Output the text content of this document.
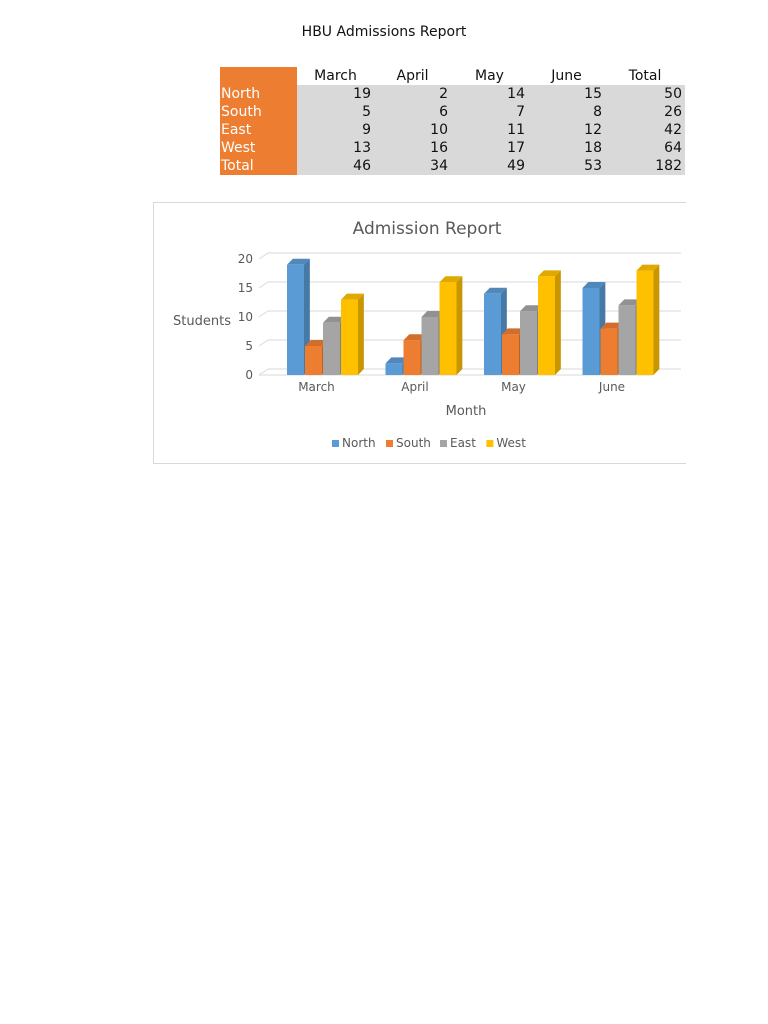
HBU Admissions Report
	March	April	May	June	Total
North	19	2	14	15	50
South	5	6	7	8	26
East	9	10	11	12	42
West	13	16	17	18	64
Total	46	34	49	53	182
0
5
10
15
20
March	April	May	June
Admission Report
Students
Month
North South East West
